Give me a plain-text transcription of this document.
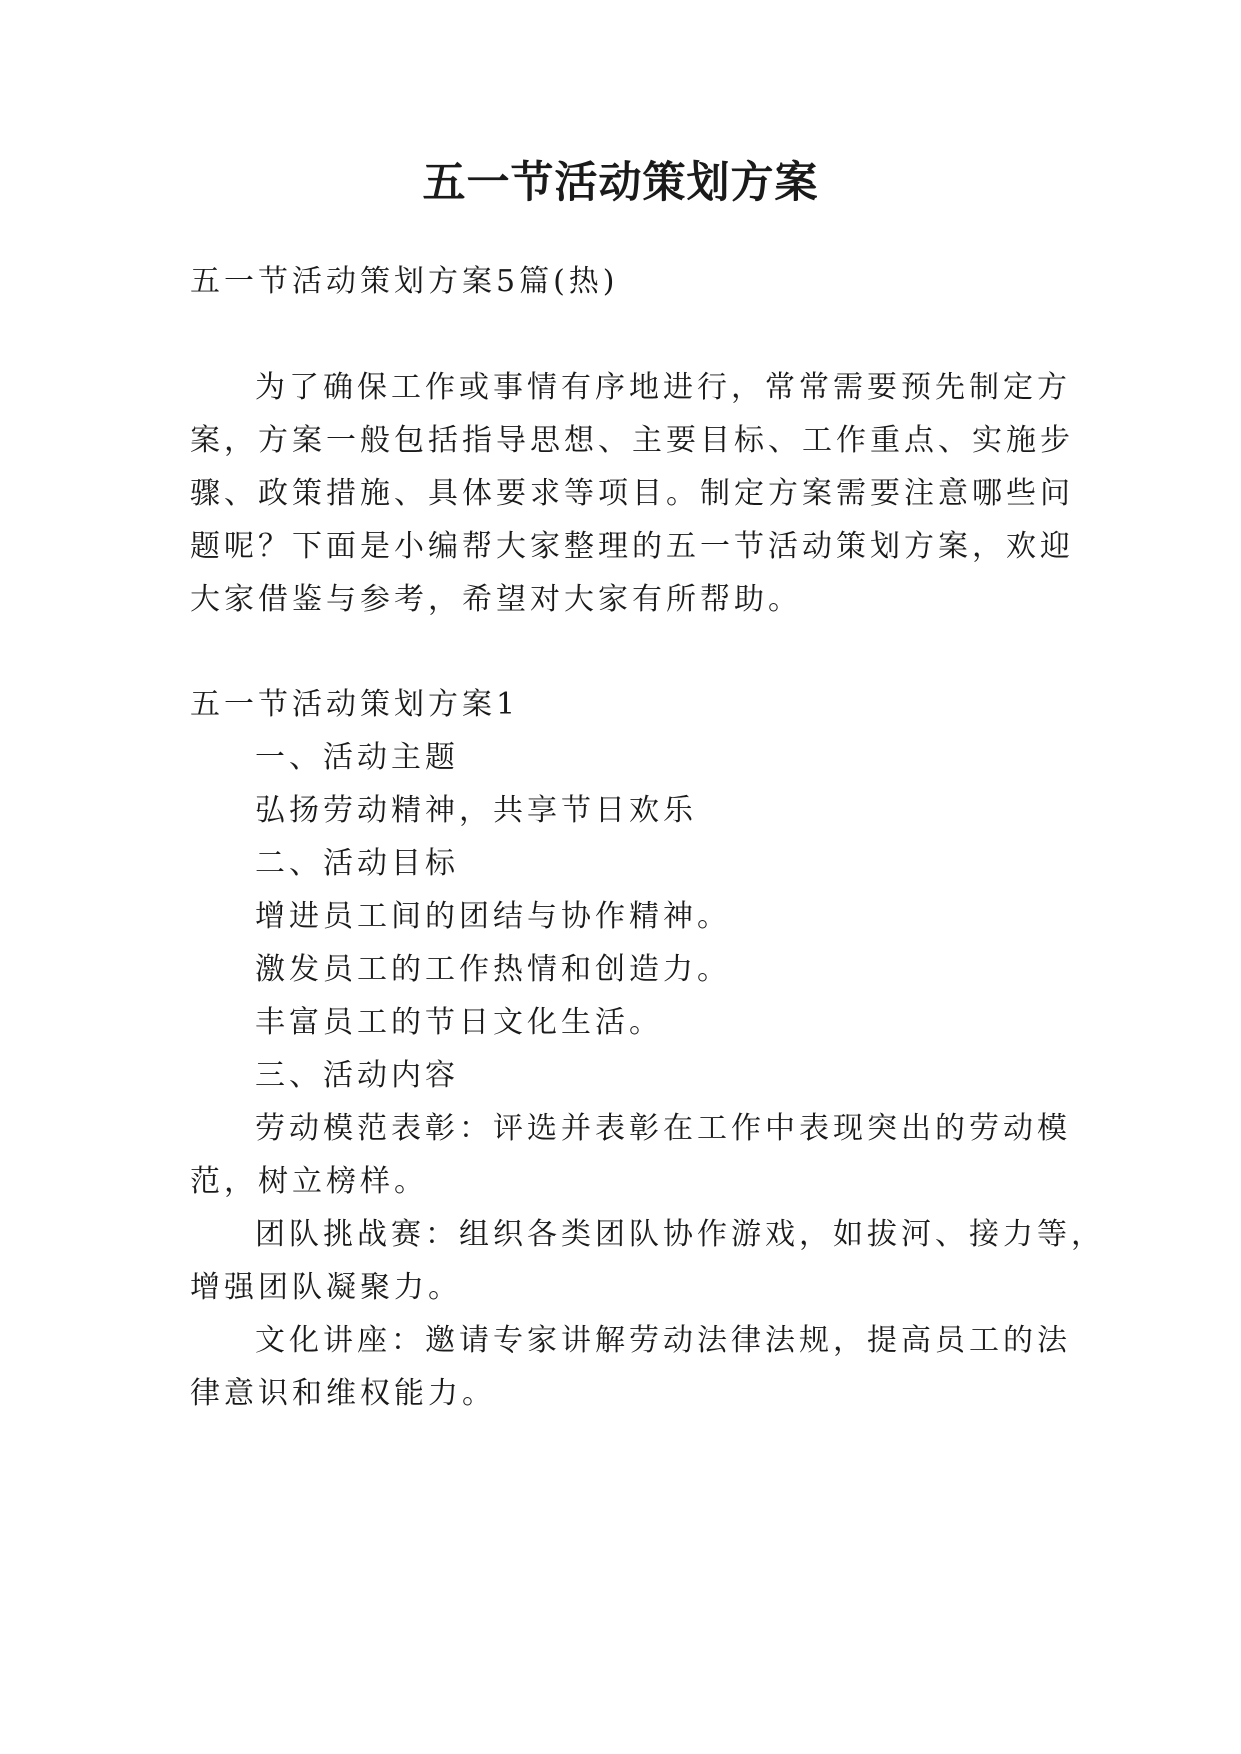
五一节活动策划方案

五一节活动策划方案5篇(热)

为了确保工作或事情有序地进行，常常需要预先制定方

案，方案一般包括指导思想、主要目标、工作重点、实施步

骤、政策措施、具体要求等项目。制定方案需要注意哪些问

题呢？下面是小编帮大家整理的五一节活动策划方案，欢迎

大家借鉴与参考，希望对大家有所帮助。

五一节活动策划方案1

一、活动主题

弘扬劳动精神，共享节日欢乐

二、活动目标

增进员工间的团结与协作精神。

激发员工的工作热情和创造力。

丰富员工的节日文化生活。

三、活动内容

劳动模范表彰：评选并表彰在工作中表现突出的劳动模

范，树立榜样。

团队挑战赛：组织各类团队协作游戏，如拔河、接力等，

增强团队凝聚力。

文化讲座：邀请专家讲解劳动法律法规，提高员工的法

律意识和维权能力。
